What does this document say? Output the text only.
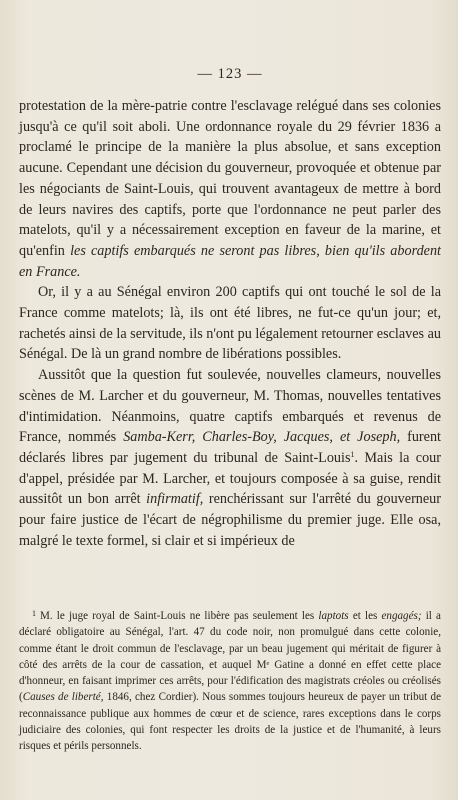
— 123 —

protestation de la mère-patrie contre l'esclavage relégué dans ses colonies jusqu'à ce qu'il soit aboli. Une ordonnance royale du 29 février 1836 a proclamé le principe de la manière la plus absolue, et sans exception aucune. Cependant une décision du gouverneur, provoquée et obtenue par les négociants de Saint-Louis, qui trouvent avantageux de mettre à bord de leurs navires des captifs, porte que l'ordonnance ne peut parler des matelots, qu'il y a nécessairement exception en faveur de la marine, et qu'enfin les captifs embarqués ne seront pas libres, bien qu'ils abordent en France.

Or, il y a au Sénégal environ 200 captifs qui ont touché le sol de la France comme matelots; là, ils ont été libres, ne fut-ce qu'un jour; et, rachetés ainsi de la servitude, ils n'ont pu légalement retourner esclaves au Sénégal. De là un grand nombre de libérations possibles.

Aussitôt que la question fut soulevée, nouvelles clameurs, nouvelles scènes de M. Larcher et du gouverneur, M. Thomas, nouvelles tentatives d'intimidation. Néanmoins, quatre captifs embarqués et revenus de France, nommés Samba-Kerr, Charles-Boy, Jacques, et Joseph, furent déclarés libres par jugement du tribunal de Saint-Louis$^1$. Mais la cour d'appel, présidée par M. Larcher, et toujours composée à sa guise, rendit aussitôt un bon arrêt infirmatif, renchérissant sur l'arrêté du gouverneur pour faire justice de l'écart de négrophilisme du premier juge. Elle osa, malgré le texte formel, si clair et si impérieux de

$^1$ M. le juge royal de Saint-Louis ne libère pas seulement les laptots et les engagés; il a déclaré obligatoire au Sénégal, l'art. 47 du code noir, non promulgué dans cette colonie, comme étant le droit commun de l'esclavage, par un beau jugement qui méritait de figurer à côté des arrêts de la cour de cassation, et auquel Mᵉ Gatine a donné en effet cette place d'honneur, en faisant imprimer ces arrêts, pour l'édification des magistrats créoles ou créolisés (Causes de liberté, 1846, chez Cordier). Nous sommes toujours heureux de payer un tribut de reconnaissance publique aux hommes de cœur et de science, rares exceptions dans le corps judiciaire des colonies, qui font respecter les droits de la justice et de l'humanité, à leurs risques et périls personnels.
